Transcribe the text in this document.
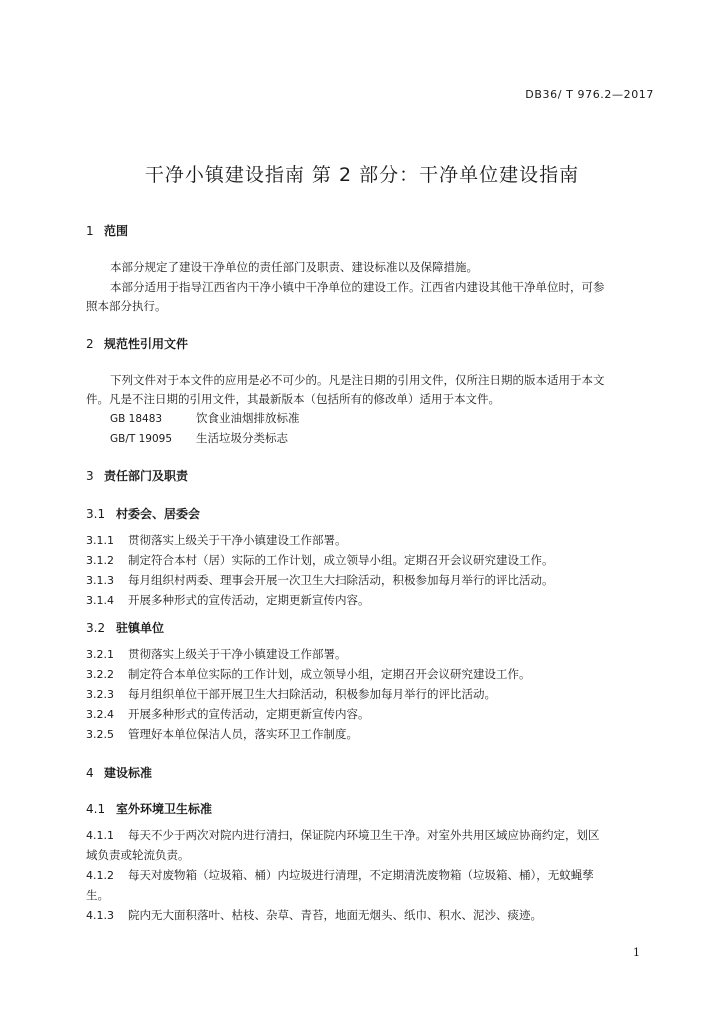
DB36/ T 976.2—2017
干净小镇建设指南 第 2 部分：干净单位建设指南
1 范围
本部分规定了建设干净单位的责任部门及职责、建设标准以及保障措施。
本部分适用于指导江西省内干净小镇中干净单位的建设工作。江西省内建设其他干净单位时，可参
照本部分执行。
2 规范性引用文件
下列文件对于本文件的应用是必不可少的。凡是注日期的引用文件，仅所注日期的版本适用于本文
件。凡是不注日期的引用文件，其最新版本（包括所有的修改单）适用于本文件。
GB 18483	饮食业油烟排放标准
GB/T 19095 生活垃圾分类标志
3 责任部门及职责
3.1 村委会、居委会
3.1.1 贯彻落实上级关于干净小镇建设工作部署。
3.1.2 制定符合本村（居）实际的工作计划，成立领导小组。定期召开会议研究建设工作。
3.1.3 每月组织村两委、理事会开展一次卫生大扫除活动，积极参加每月举行的评比活动。
3.1.4 开展多种形式的宣传活动，定期更新宣传内容。
3.2 驻镇单位
3.2.1 贯彻落实上级关于干净小镇建设工作部署。
3.2.2 制定符合本单位实际的工作计划，成立领导小组，定期召开会议研究建设工作。
3.2.3 每月组织单位干部开展卫生大扫除活动，积极参加每月举行的评比活动。
3.2.4 开展多种形式的宣传活动，定期更新宣传内容。
3.2.5 管理好本单位保洁人员，落实环卫工作制度。
4 建设标准
4.1 室外环境卫生标准
4.1.1 每天不少于两次对院内进行清扫，保证院内环境卫生干净。对室外共用区域应协商约定，划区
域负责或轮流负责。
4.1.2 每天对废物箱（垃圾箱、桶）内垃圾进行清理，不定期清洗废物箱（垃圾箱、桶），无蚊蝇孳
生。
4.1.3 院内无大面积落叶、枯枝、杂草、青苔，地面无烟头、纸巾、积水、泥沙、痰迹。
1
